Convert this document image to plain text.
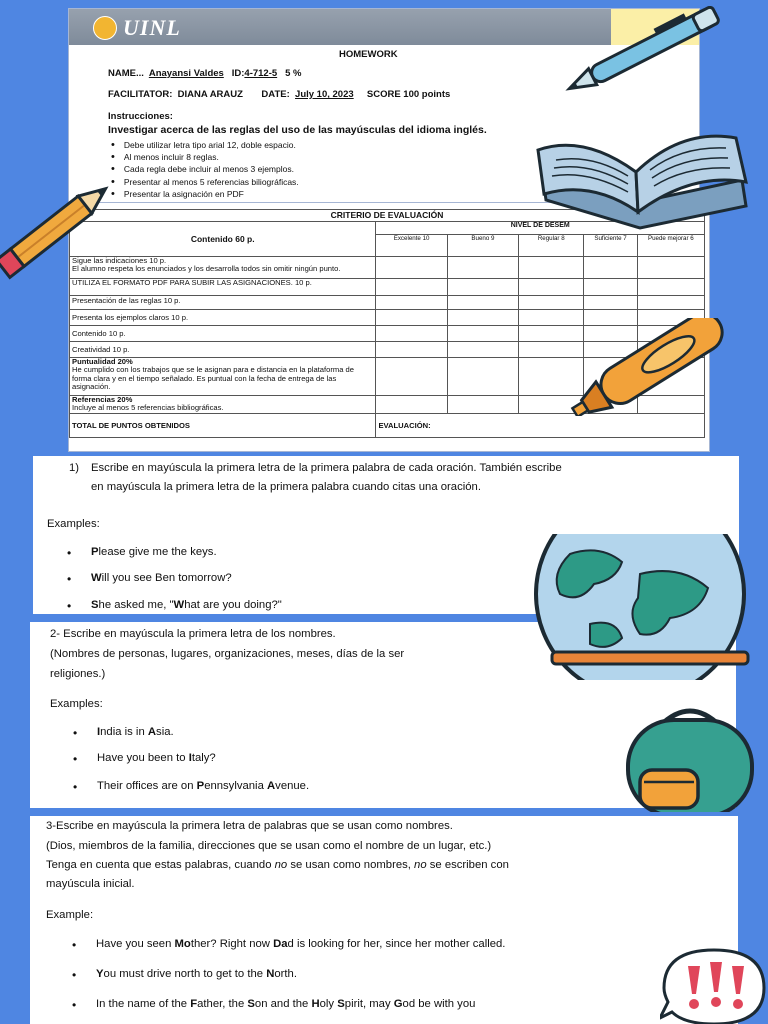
UINL
HOMEWORK
NAME... Anayansi Valdes ID:4-712-5 5 %
FACILITATOR: DIANA ARAUZ DATE: July 10, 2023 SCORE 100 points
Instrucciones:
Investigar acerca de las reglas del uso de las mayúsculas del idioma inglés.
• Debe utilizar letra tipo arial 12, doble espacio.
• Al menos incluir 8 reglas.
• Cada regla debe incluir al menos 3 ejemplos.
• Presentar al menos 5 referencias biliográficas.
• Presentar la asignación en PDF
CRITERIO DE EVALUACIÓN					
Contenido 60 p.	NIVEL DE DESEM				
	Excelente 10	Bueno 9	Regular 8	Suficiente 7	Puede mejorar 6
Sigue las indicaciones 10 p.
El alumno respeta los enunciados y los desarrolla todos sin omitir ningún punto.					
UTILIZA EL FORMATO PDF PARA SUBIR LAS ASIGNACIONES. 10 p.					
Presentación de las reglas 10 p.					
Presenta los ejemplos claros 10 p.					
Contenido 10 p.					
Creatividad 10 p.					

Puntualidad 20%
He cumplido con los trabajos que se le asignan para e distancia en la plataforma de forma clara y en el tiempo señalado. Es puntual con la fecha de entrega de las asignación.					

Referencias 20%
Incluye al menos 5 referencias bibliográficas.					

TOTAL DE PUNTOS OBTENIDOS	EVALUACIÓN:				
1) Escribe en mayúscula la primera letra de la primera palabra de cada oración. También escribe
en mayúscula la primera letra de la primera palabra cuando citas una oración.
Examples:
• Please give me the keys.
• Will you see Ben tomorrow?
• She asked me, "What are you doing?"
2- Escribe en mayúscula la primera letra de los nombres.
(Nombres de personas, lugares, organizaciones, meses, días de la ser
religiones.)
Examples:
• India is in Asia.
• Have you been to Italy?
• Their offices are on Pennsylvania Avenue.
3-Escribe en mayúscula la primera letra de palabras que se usan como nombres.
(Dios, miembros de la familia, direcciones que se usan como el nombre de un lugar, etc.)
Tenga en cuenta que estas palabras, cuando no se usan como nombres, no se escriben con
mayúscula inicial.
Example:
• Have you seen Mother? Right now Dad is looking for her, since her mother called.
• You must drive north to get to the North.
• In the name of the Father, the Son and the Holy Spirit, may God be with you
